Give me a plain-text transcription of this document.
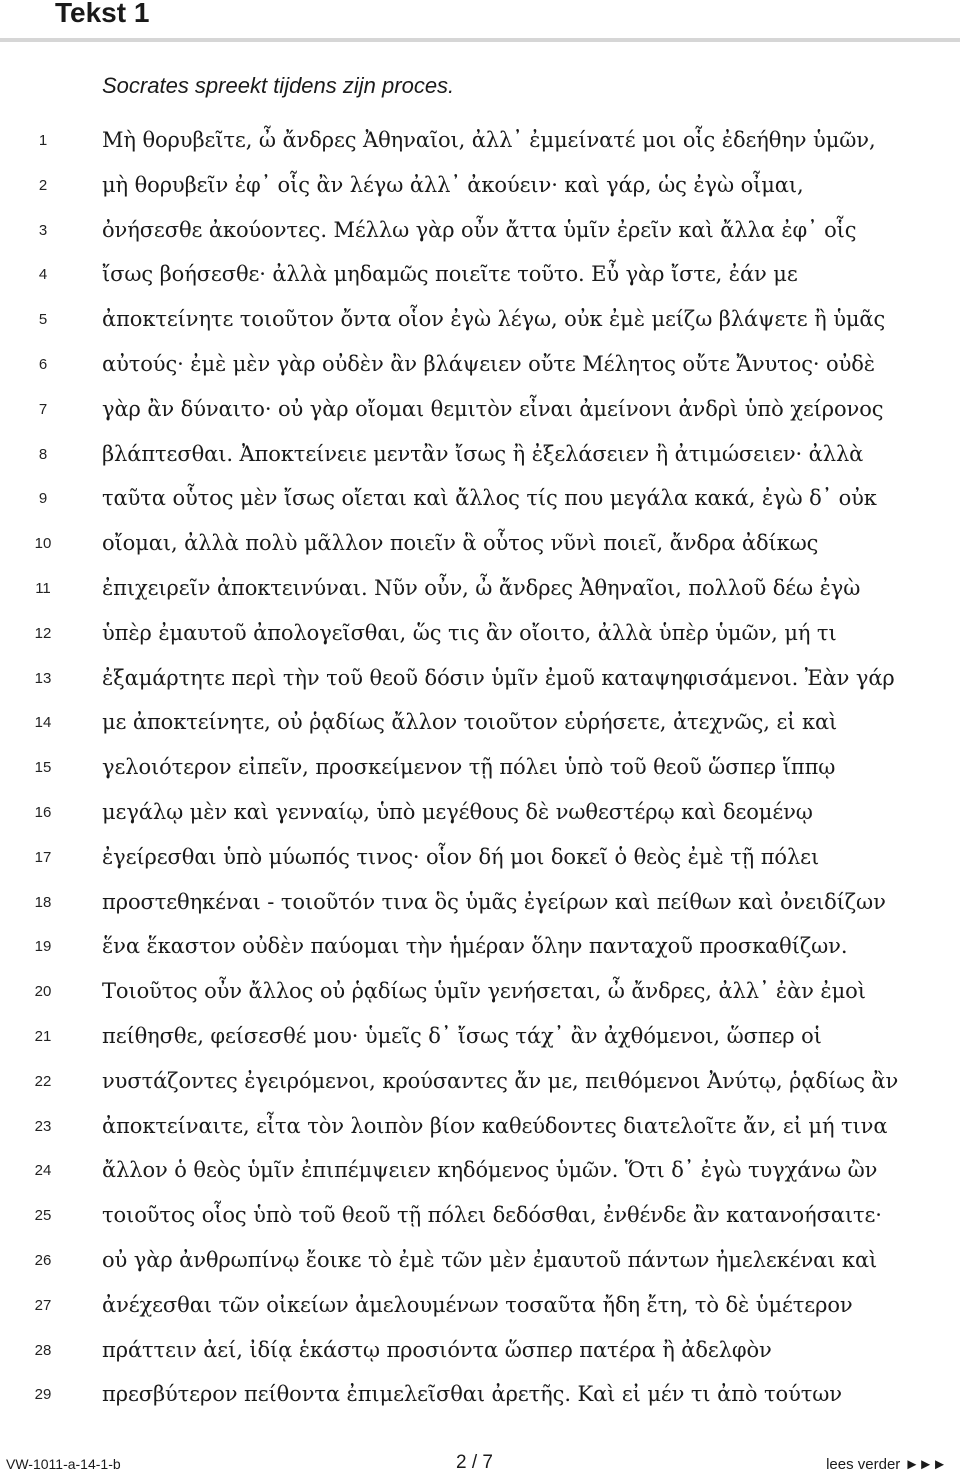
Tekst 1
Socrates spreekt tijdens zijn proces.
1	Μὴ θορυβεῖτε, ὦ ἄνδρες Ἀθηναῖοι, ἀλλ᾽ ἐμμείνατέ μοι οἷς ἐδεήθην ὑμῶν,
2	μὴ θορυβεῖν ἐφ᾽ οἷς ἂν λέγω ἀλλ᾽ ἀκούειν· καὶ γάρ, ὡς ἐγὼ οἶμαι,
3	ὀνήσεσθε ἀκούοντες. Μέλλω γὰρ οὖν ἄττα ὑμῖν ἐρεῖν καὶ ἄλλα ἐφ᾽ οἷς
4	ἴσως βοήσεσθε· ἀλλὰ μηδαμῶς ποιεῖτε τοῦτο. Εὖ γὰρ ἴστε, ἐάν με
5	ἀποκτείνητε τοιοῦτον ὄντα οἷον ἐγὼ λέγω, οὐκ ἐμὲ μείζω βλάψετε ἢ ὑμᾶς
6	αὐτούς· ἐμὲ μὲν γὰρ οὐδὲν ἂν βλάψειεν οὔτε Μέλητος οὔτε Ἄνυτος· οὐδὲ
7	γὰρ ἂν δύναιτο· οὐ γὰρ οἴομαι θεμιτὸν εἶναι ἀμείνονι ἀνδρὶ ὑπὸ χείρονος
8	βλάπτεσθαι. Ἀποκτείνειε μεντἂν ἴσως ἢ ἐξελάσειεν ἢ ἀτιμώσειεν· ἀλλὰ
9	ταῦτα οὗτος μὲν ἴσως οἴεται καὶ ἄλλος τίς που μεγάλα κακά, ἐγὼ δ᾽ οὐκ
10	οἴομαι, ἀλλὰ πολὺ μᾶλλον ποιεῖν ἃ οὗτος νῦνὶ ποιεῖ, ἄνδρα ἀδίκως
11	ἐπιχειρεῖν ἀποκτεινύναι. Νῦν οὖν, ὦ ἄνδρες Ἀθηναῖοι, πολλοῦ δέω ἐγὼ
12	ὑπὲρ ἐμαυτοῦ ἀπολογεῖσθαι, ὥς τις ἂν οἴοιτο, ἀλλὰ ὑπὲρ ὑμῶν, μή τι
13	ἐξαμάρτητε περὶ τὴν τοῦ θεοῦ δόσιν ὑμῖν ἐμοῦ καταψηφισάμενοι. Ἐὰν γάρ
14	με ἀποκτείνητε, οὐ ῥᾳδίως ἄλλον τοιοῦτον εὑρήσετε, ἀτεχνῶς, εἰ καὶ
15	γελοιότερον εἰπεῖν, προσκείμενον τῇ πόλει ὑπὸ τοῦ θεοῦ ὥσπερ ἵππῳ
16	μεγάλῳ μὲν καὶ γενναίῳ, ὑπὸ μεγέθους δὲ νωθεστέρῳ καὶ δεομένῳ
17	ἐγείρεσθαι ὑπὸ μύωπός τινος· οἷον δή μοι δοκεῖ ὁ θεὸς ἐμὲ τῇ πόλει
18	προστεθηκέναι - τοιοῦτόν τινα ὃς ὑμᾶς ἐγείρων καὶ πείθων καὶ ὀνειδίζων
19	ἕνα ἕκαστον οὐδὲν παύομαι τὴν ἡμέραν ὅλην πανταχοῦ προσκαθίζων.
20	Τοιοῦτος οὖν ἄλλος οὐ ῥᾳδίως ὑμῖν γενήσεται, ὦ ἄνδρες, ἀλλ᾽ ἐὰν ἐμοὶ
21	πείθησθε, φείσεσθέ μου· ὑμεῖς δ᾽ ἴσως τάχ᾽ ἂν ἀχθόμενοι, ὥσπερ οἱ
22	νυστάζοντες ἐγειρόμενοι, κρούσαντες ἄν με, πειθόμενοι Ἀνύτῳ, ῥᾳδίως ἂν
23	ἀποκτείναιτε, εἶτα τὸν λοιπὸν βίον καθεύδοντες διατελοῖτε ἄν, εἰ μή τινα
24	ἄλλον ὁ θεὸς ὑμῖν ἐπιπέμψειεν κηδόμενος ὑμῶν. Ὅτι δ᾽ ἐγὼ τυγχάνω ὢν
25	τοιοῦτος οἷος ὑπὸ τοῦ θεοῦ τῇ πόλει δεδόσθαι, ἐνθένδε ἂν κατανοήσαιτε·
26	οὐ γὰρ ἀνθρωπίνῳ ἔοικε τὸ ἐμὲ τῶν μὲν ἐμαυτοῦ πάντων ἠμελεκέναι καὶ
27	ἀνέχεσθαι τῶν οἰκείων ἀμελουμένων τοσαῦτα ἤδη ἔτη, τὸ δὲ ὑμέτερον
28	πράττειν ἀεί, ἰδίᾳ ἑκάστῳ προσιόντα ὥσπερ πατέρα ἢ ἀδελφὸν
29	πρεσβύτερον πείθοντα ἐπιμελεῖσθαι ἀρετῆς. Καὶ εἰ μέν τι ἀπὸ τούτων
VW-1011-a-14-1-b	2 / 7	lees verder ►►►
